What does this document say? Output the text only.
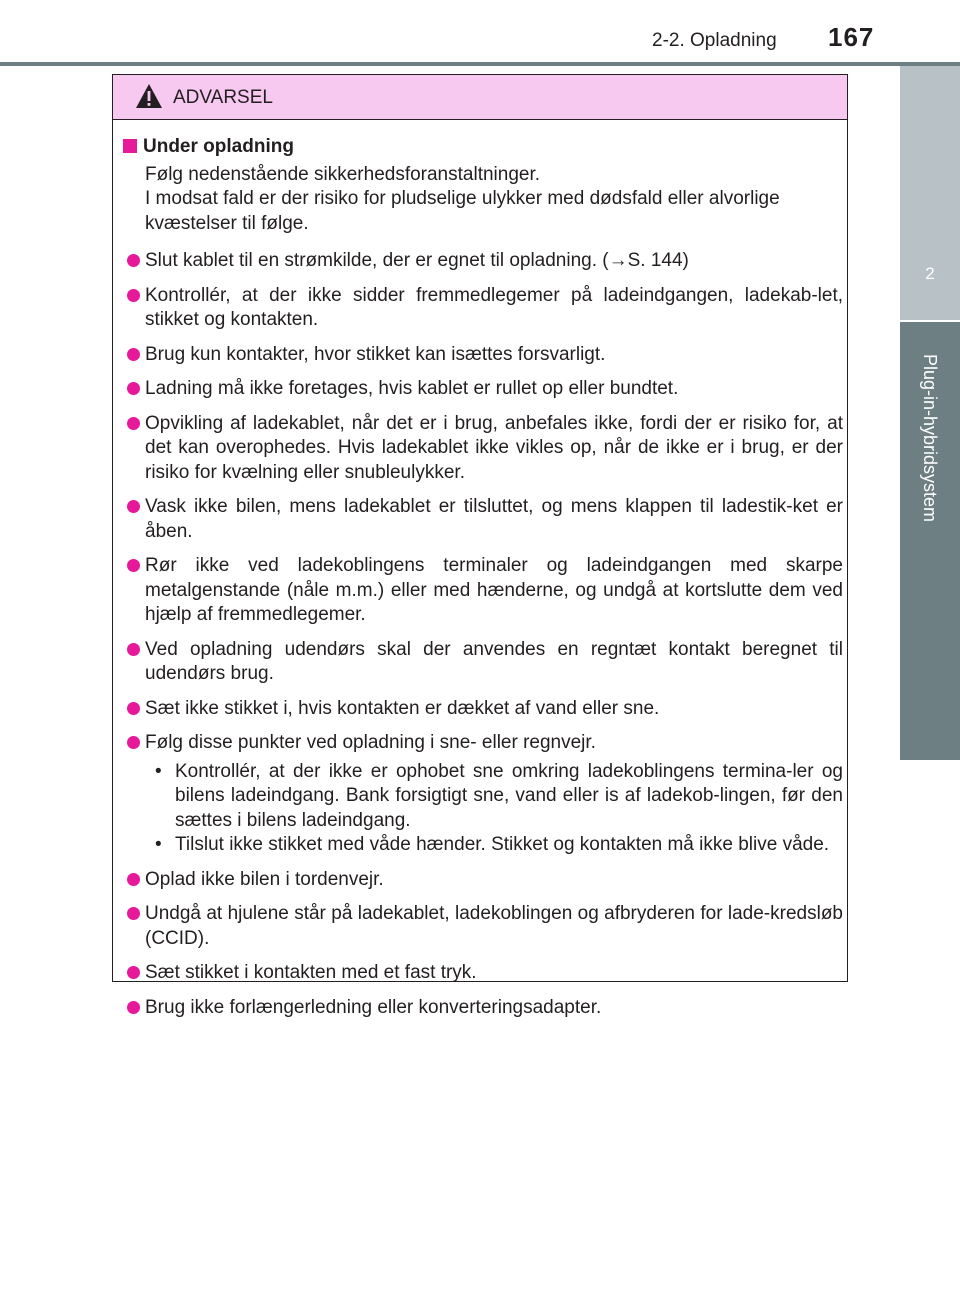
2-2. Opladning 167
2
Plug-in-hybridsystem
ADVARSEL
Under opladning
Følg nedenstående sikkerhedsforanstaltninger.
I modsat fald er der risiko for pludselige ulykker med dødsfald eller alvorlige
kvæstelser til følge.
Slut kablet til en strømkilde, der er egnet til opladning. (→S. 144)
Kontrollér, at der ikke sidder fremmedlegemer på ladeindgangen, ladekab-let, stikket og kontakten.
Brug kun kontakter, hvor stikket kan isættes forsvarligt.
Ladning må ikke foretages, hvis kablet er rullet op eller bundtet.
Opvikling af ladekablet, når det er i brug, anbefales ikke, fordi der er risiko for, at det kan overophedes. Hvis ladekablet ikke vikles op, når de ikke er i brug, er der risiko for kvælning eller snubleulykker.
Vask ikke bilen, mens ladekablet er tilsluttet, og mens klappen til ladestik-ket er åben.
Rør ikke ved ladekoblingens terminaler og ladeindgangen med skarpe metalgenstande (nåle m.m.) eller med hænderne, og undgå at kortslutte dem ved hjælp af fremmedlegemer.
Ved opladning udendørs skal der anvendes en regntæt kontakt beregnet til udendørs brug.
Sæt ikke stikket i, hvis kontakten er dækket af vand eller sne.
Følg disse punkter ved opladning i sne- eller regnvejr.
• Kontrollér, at der ikke er ophobet sne omkring ladekoblingens termina-ler og bilens ladeindgang. Bank forsigtigt sne, vand eller is af ladekob-lingen, før den sættes i bilens ladeindgang.
• Tilslut ikke stikket med våde hænder. Stikket og kontakten må ikke blive våde.
Oplad ikke bilen i tordenvejr.
Undgå at hjulene står på ladekablet, ladekoblingen og afbryderen for lade-kredsløb (CCID).
Sæt stikket i kontakten med et fast tryk.
Brug ikke forlængerledning eller konverteringsadapter.
